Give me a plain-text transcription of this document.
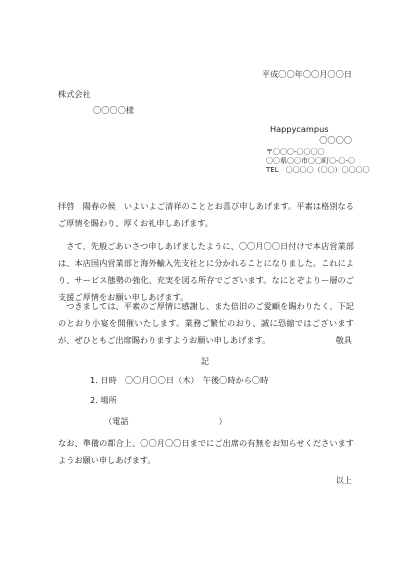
平成〇〇年〇〇月〇〇日
株式会社
〇〇〇〇様
Happycampus
〇〇〇〇
〒〇〇〇-〇〇〇〇
〇〇県〇〇市〇〇町〇-〇-〇
TEL　〇〇〇〇（〇〇）〇〇〇〇
拝啓　陽春の候　いよいよご清祥のこととお喜び申しあげます。平素は格別なるご厚情を賜わり、厚くお礼申しあげます。
さて、先般ごあいさつ申しあげましたように、〇〇月〇〇日付けで本店営業部は、本店国内営業部と海外輸入先支社とに分かれることになりました。これにより、サービス態勢の強化、充実を図る所存でございます。なにとぞよりー層のご支援ご厚情をお願い申しあげます。
つきましては、平素のご厚情に感謝し、また倍旧のご愛顧を賜わりたく、下記のとおり小宴を開催いたします。業務ご繁忙のおり、誠に恐縮ではございますが、ぜひともご出席賜わりますようお願い申しあげます。	敬具
記
1. 日時　〇〇月〇〇日（木）　午後〇時から〇時
2. 場所
（電話　　　　　　　　　　　）
なお、準備の都合上、〇〇月〇〇日までにご出席の有無をお知らせくださいますようお願い申しあげます。
以上
